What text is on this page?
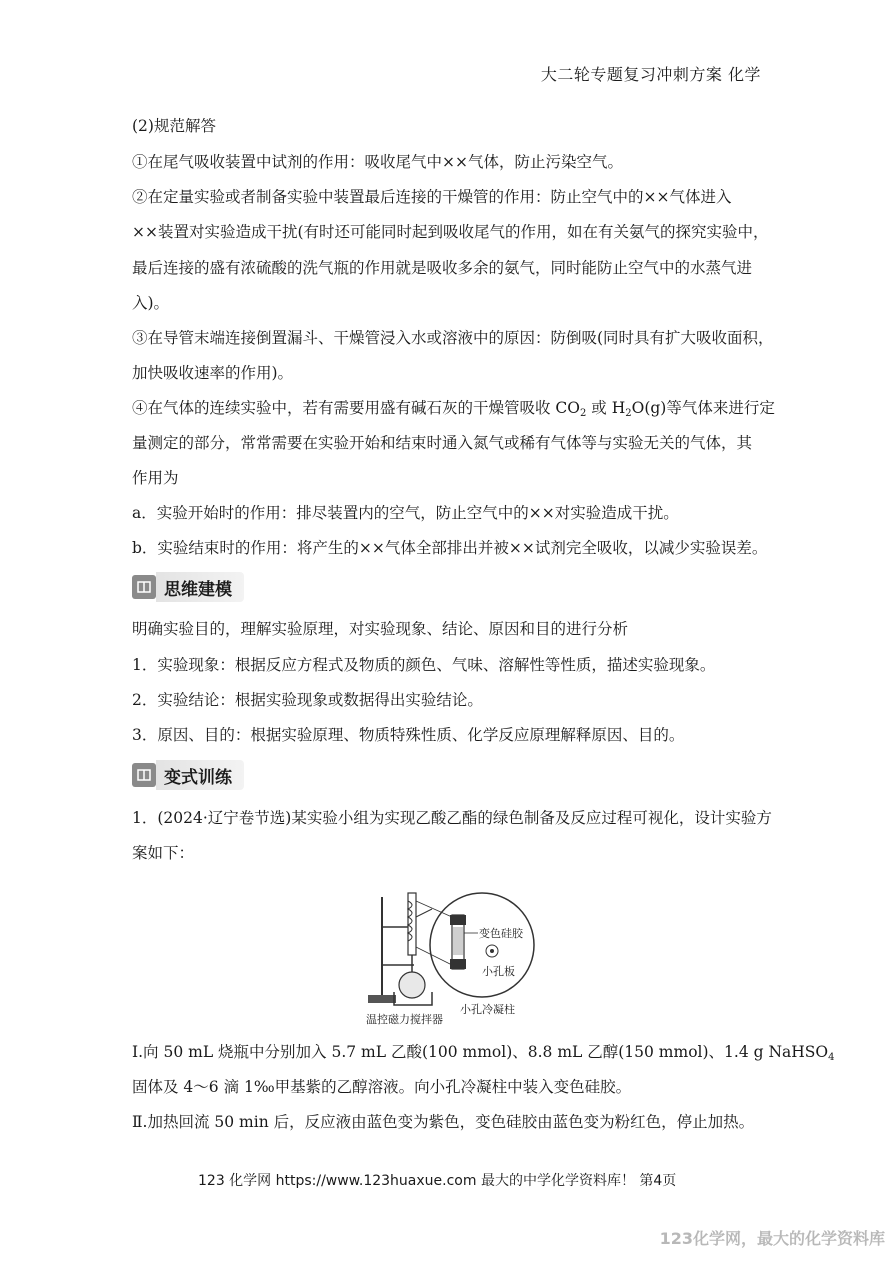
大二轮专题复习冲刺方案 化学
(2)规范解答
①在尾气吸收装置中试剂的作用：吸收尾气中××气体，防止污染空气。
②在定量实验或者制备实验中装置最后连接的干燥管的作用：防止空气中的××气体进入
××装置对实验造成干扰(有时还可能同时起到吸收尾气的作用，如在有关氨气的探究实验中，
最后连接的盛有浓硫酸的洗气瓶的作用就是吸收多余的氨气，同时能防止空气中的水蒸气进
入)。
③在导管末端连接倒置漏斗、干燥管浸入水或溶液中的原因：防倒吸(同时具有扩大吸收面积，
加快吸收速率的作用)。
④在气体的连续实验中，若有需要用盛有碱石灰的干燥管吸收 $CO_2$ 或 $H_2O(g)$等气体来进行定
量测定的部分，常常需要在实验开始和结束时通入氮气或稀有气体等与实验无关的气体，其
作用为
a．实验开始时的作用：排尽装置内的空气，防止空气中的××对实验造成干扰。
b．实验结束时的作用：将产生的××气体全部排出并被××试剂完全吸收，以减少实验误差。
思维建模
明确实验目的，理解实验原理，对实验现象、结论、原因和目的进行分析
1．实验现象：根据反应方程式及物质的颜色、气味、溶解性等性质，描述实验现象。
2．实验结论：根据实验现象或数据得出实验结论。
3．原因、目的：根据实验原理、物质特殊性质、化学反应原理解释原因、目的。
变式训练
1．(2024·辽宁卷节选)某实验小组为实现乙酸乙酯的绿色制备及反应过程可视化，设计实验方
案如下：
温控磁力搅拌器
变色硅胶
小孔板
小孔冷凝柱
Ⅰ.向 50 mL 烧瓶中分别加入 5.7 mL 乙酸(100 mmol)、8.8 mL 乙醇(150 mmol)、1.4 g NaHSO$_4$
固体及 4～6 滴 1‰甲基紫的乙醇溶液。向小孔冷凝柱中装入变色硅胶。
Ⅱ.加热回流 50 min 后，反应液由蓝色变为紫色，变色硅胶由蓝色变为粉红色，停止加热。
123 化学网 https://www.123huaxue.com 最大的中学化学资料库！ 第4页
123化学网，最大的化学资料库
